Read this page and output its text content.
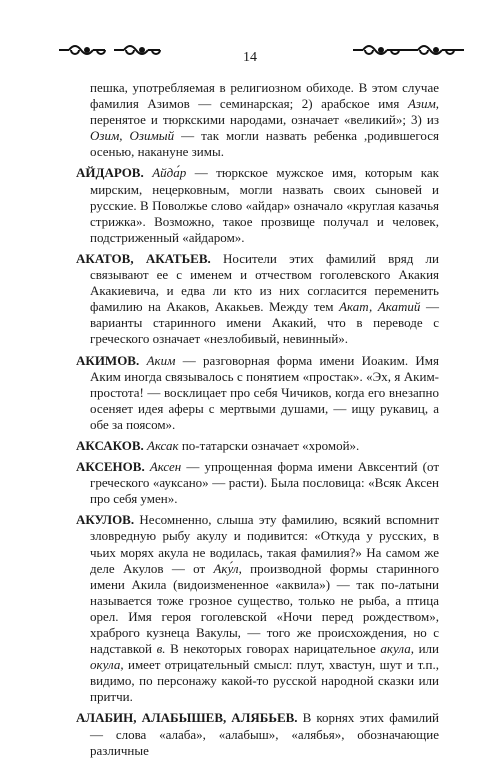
14

пешка, употребляемая в религиозном обиходе. В этом случае фамилия Азимов — семинарская; 2) арабское имя Азим, перенятое и тюркскими народами, означает «великий»; 3) из Озим, Озимый — так могли назвать ребенка ,родившегося осенью, накануне зимы.

АЙДАРОВ. Айда́р — тюркское мужское имя, которым как мирским, нецерковным, могли назвать своих сыновей и русские. В Поволжье слово «айдар» означало «круглая казачья стрижка». Возможно, такое прозвище получал и человек, подстриженный «айдаром».

АКАТОВ, АКАТЬЕВ. Носители этих фамилий вряд ли связывают ее с именем и отчеством гоголевского Акакия Акакиевича, и едва ли кто из них согласится переменить фамилию на Акаков, Акакьев. Между тем Акат, Акатий — варианты старинного имени Акакий, что в переводе с греческого означает «незлобивый, невинный».

АКИМОВ. Аким — разговорная форма имени Иоаким. Имя Аким иногда связывалось с понятием «простак». «Эх, я Аким-простота! — восклицает про себя Чичиков, когда его внезапно осеняет идея аферы с мертвыми душами, — ищу рукавиц, а обе за поясом».

АКСАКОВ. Аксак по-татарски означает «хромой».

АКСЕНОВ. Аксен — упрощенная форма имени Авксентий (от греческого «ауксано» — расти). Была пословица: «Всяк Аксен про себя умен».

АКУЛОВ. Несомненно, слыша эту фамилию, всякий вспомнит зловредную рыбу акулу и подивится: «Откуда у русских, в чьих морях акула не водилась, такая фамилия?» На самом же деле Акулов — от Аку́л, производной формы старинного имени Акила (видоизмененное «аквила») — так по-латыни называется тоже грозное существо, только не рыба, а птица орел. Имя героя гоголевской «Ночи перед рождеством», храброго кузнеца Вакулы, — того же происхождения, но с надставкой в. В некоторых говорах нарицательное акула, или окула, имеет отрицательный смысл: плут, хвастун, шут и т.п., видимо, по персонажу какой-то русской народной сказки или притчи.

АЛАБИН, АЛАБЫШЕВ, АЛЯБЬЕВ. В корнях этих фамилий — слова «алаба», «алабыш», «алябья», обозначающие различные
